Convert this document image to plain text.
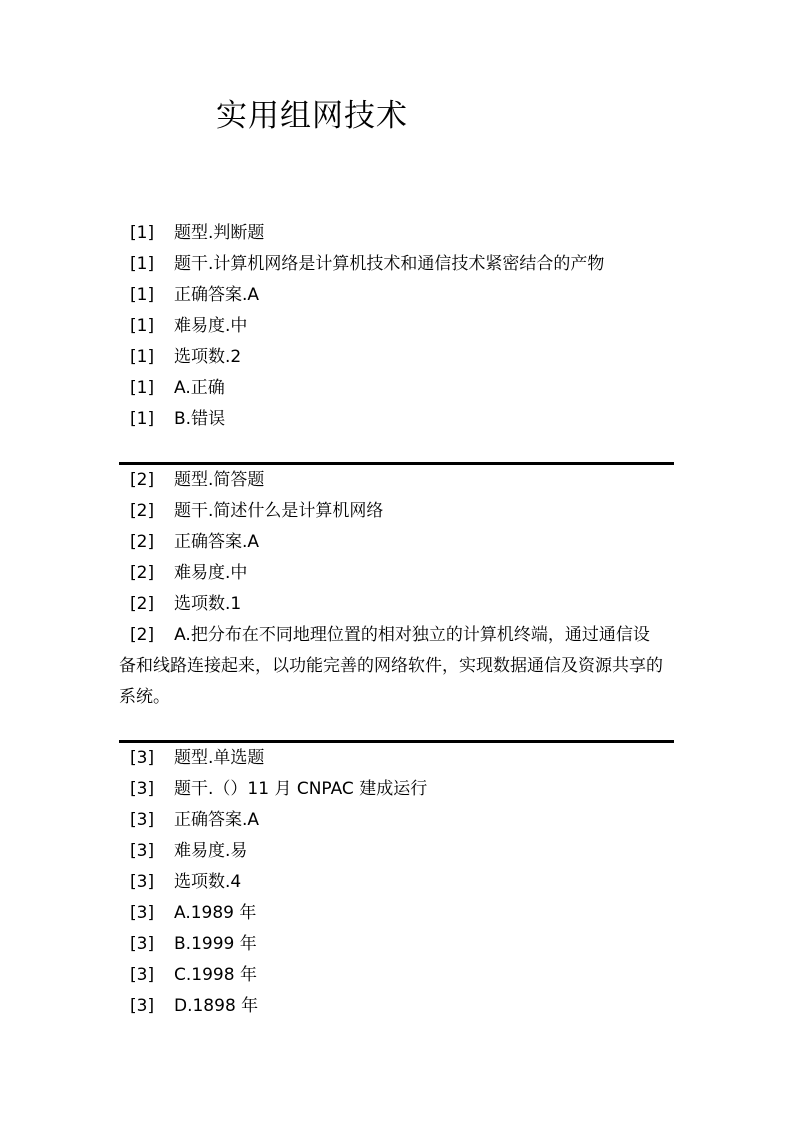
实用组网技术
[1] 题型.判断题
[1] 题干.计算机网络是计算机技术和通信技术紧密结合的产物
[1] 正确答案.A
[1] 难易度.中
[1] 选项数.2
[1] A.正确
[1] B.错误
[2] 题型.简答题
[2] 题干.简述什么是计算机网络
[2] 正确答案.A
[2] 难易度.中
[2] 选项数.1
[2] A.把分布在不同地理位置的相对独立的计算机终端，通过通信设备和线路连接起来，以功能完善的网络软件，实现数据通信及资源共享的系统。
[3] 题型.单选题
[3] 题干.（）11 月 CNPAC 建成运行
[3] 正确答案.A
[3] 难易度.易
[3] 选项数.4
[3] A.1989 年
[3] B.1999 年
[3] C.1998 年
[3] D.1898 年
